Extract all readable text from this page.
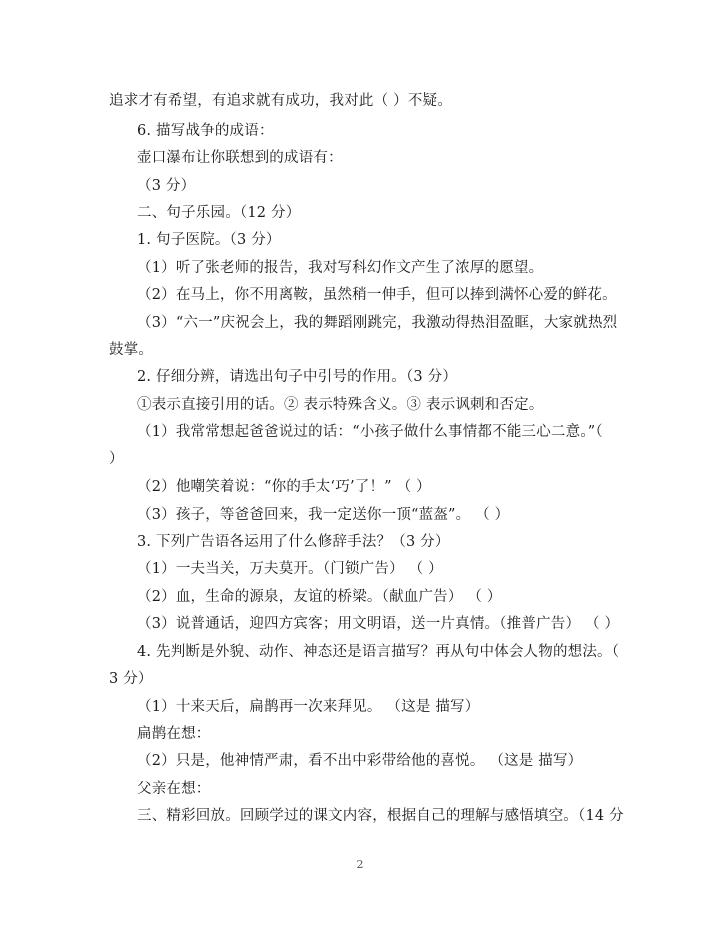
追求才有希望，有追求就有成功，我对此（ ）不疑。
6. 描写战争的成语：
壶口瀑布让你联想到的成语有：
（3 分）
二、句子乐园。（12 分）
1. 句子医院。（3 分）
（1）听了张老师的报告，我对写科幻作文产生了浓厚的愿望。
（2）在马上，你不用离鞍，虽然稍一伸手，但可以捧到满怀心爱的鲜花。
（3）“六一”庆祝会上，我的舞蹈刚跳完，我激动得热泪盈眶，大家就热烈
鼓掌。
2. 仔细分辨，请选出句子中引号的作用。（3 分）
①表示直接引用的话。② 表示特殊含义。③ 表示讽刺和否定。
（1）我常常想起爸爸说过的话：“小孩子做什么事情都不能三心二意。”（
）
（2）他嘲笑着说：“你的手太‘巧’了！” （ ）
（3）孩子，等爸爸回来，我一定送你一顶“蓝盔”。 （ ）
3. 下列广告语各运用了什么修辞手法？（3 分）
（1）一夫当关，万夫莫开。（门锁广告） （ ）
（2）血，生命的源泉，友谊的桥梁。（献血广告） （ ）
（3）说普通话，迎四方宾客；用文明语，送一片真情。（推普广告） （ ）
4. 先判断是外貌、动作、神态还是语言描写？再从句中体会人物的想法。（
3 分）
（1）十来天后，扁鹊再一次来拜见。 （这是 描写）
扁鹊在想：
（2）只是，他神情严肃，看不出中彩带给他的喜悦。 （这是 描写）
父亲在想：
三、精彩回放。回顾学过的课文内容，根据自己的理解与感悟填空。（14 分
2
